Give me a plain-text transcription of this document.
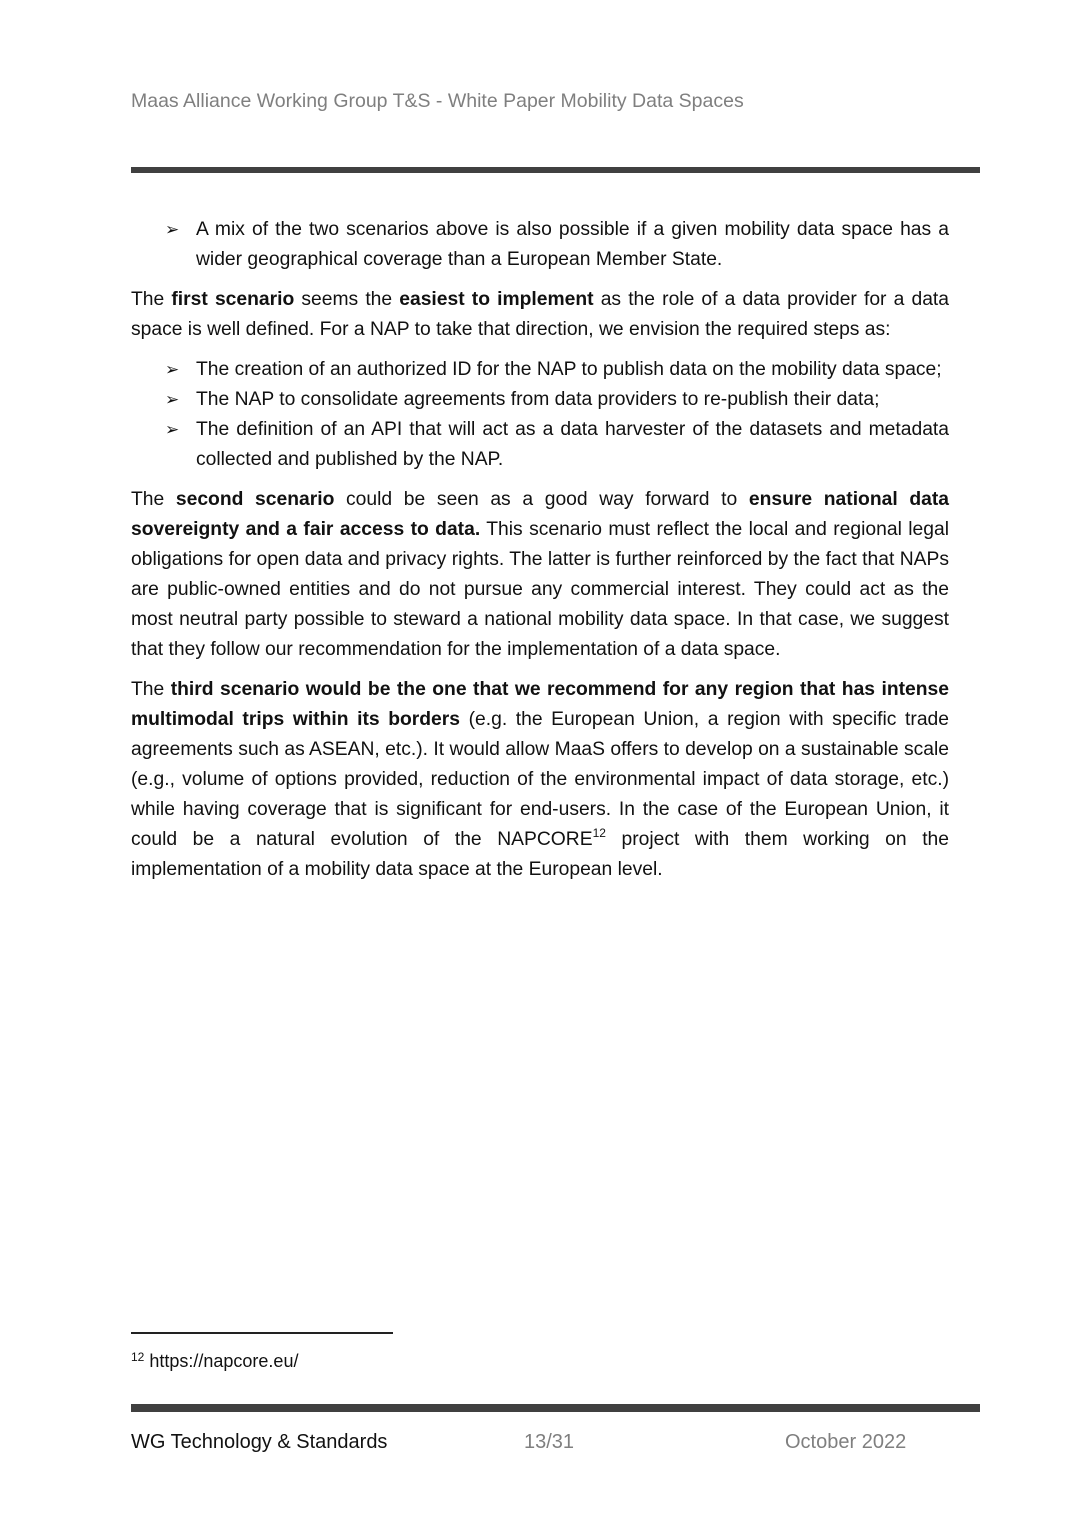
Maas Alliance Working Group T&S - White Paper Mobility Data Spaces
➢ A mix of the two scenarios above is also possible if a given mobility data space has a wider geographical coverage than a European Member State.

The first scenario seems the easiest to implement as the role of a data provider for a data space is well defined. For a NAP to take that direction, we envision the required steps as:

➢ The creation of an authorized ID for the NAP to publish data on the mobility data space;
➢ The NAP to consolidate agreements from data providers to re-publish their data;
➢ The definition of an API that will act as a data harvester of the datasets and metadata collected and published by the NAP.

The second scenario could be seen as a good way forward to ensure national data sovereignty and a fair access to data. This scenario must reflect the local and regional legal obligations for open data and privacy rights. The latter is further reinforced by the fact that NAPs are public-owned entities and do not pursue any commercial interest. They could act as the most neutral party possible to steward a national mobility data space. In that case, we suggest that they follow our recommendation for the implementation of a data space.

The third scenario would be the one that we recommend for any region that has intense multimodal trips within its borders (e.g. the European Union, a region with specific trade agreements such as ASEAN, etc.). It would allow MaaS offers to develop on a sustainable scale (e.g., volume of options provided, reduction of the environmental impact of data storage, etc.) while having coverage that is significant for end-users. In the case of the European Union, it could be a natural evolution of the NAPCORE$^{12}$ project with them working on the implementation of a mobility data space at the European level.

$^{12}$ https://napcore.eu/
WG Technology & Standards	13/31	October 2022
